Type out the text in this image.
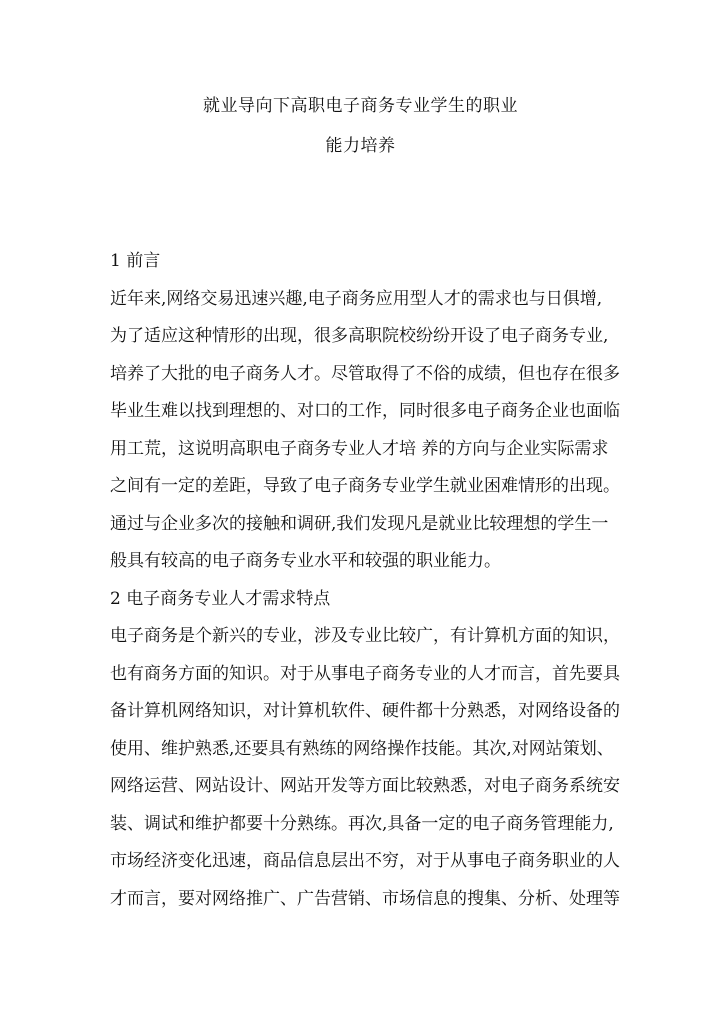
就业导向下高职电子商务专业学生的职业
能力培养
1 前言
近年来,网络交易迅速兴趣,电子商务应用型人才的需求也与日俱增,
为了适应这种情形的出现，很多高职院校纷纷开设了电子商务专业,
培养了大批的电子商务人才。尽管取得了不俗的成绩，但也存在很多
毕业生难以找到理想的、对口的工作，同时很多电子商务企业也面临
用工荒，这说明高职电子商务专业人才培 养的方向与企业实际需求
之间有一定的差距，导致了电子商务专业学生就业困难情形的出现。
通过与企业多次的接触和调研,我们发现凡是就业比较理想的学生一
般具有较高的电子商务专业水平和较强的职业能力。
2 电子商务专业人才需求特点
电子商务是个新兴的专业，涉及专业比较广，有计算机方面的知识，
也有商务方面的知识。对于从事电子商务专业的人才而言，首先要具
备计算机网络知识，对计算机软件、硬件都十分熟悉，对网络设备的
使用、维护熟悉,还要具有熟练的网络操作技能。其次,对网站策划、
网络运营、网站设计、网站开发等方面比较熟悉，对电子商务系统安
装、调试和维护都要十分熟练。再次,具备一定的电子商务管理能力,
市场经济变化迅速，商品信息层出不穷，对于从事电子商务职业的人
才而言，要对网络推广、广告营销、市场信息的搜集、分析、处理等
